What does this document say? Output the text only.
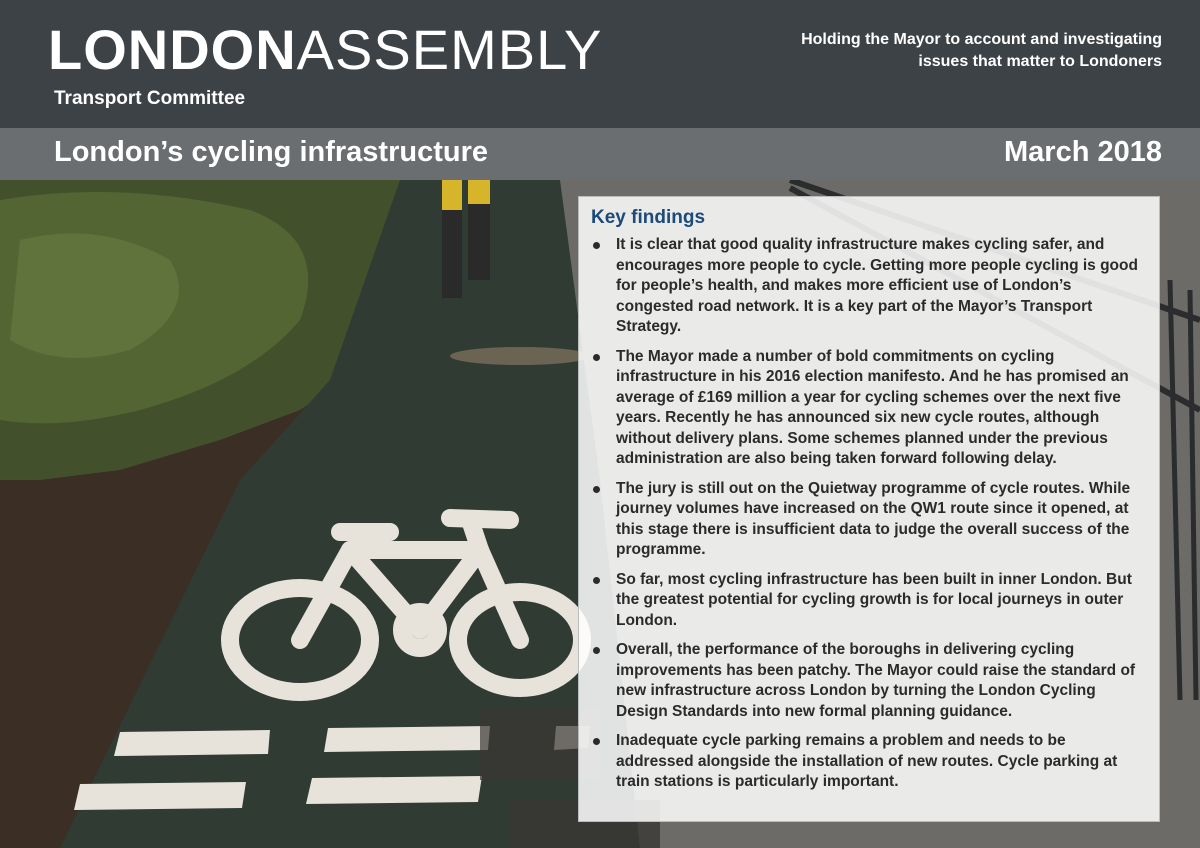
LONDONASSEMBLY
Transport Committee
Holding the Mayor to account and investigating
issues that matter to Londoners
London’s cycling infrastructure	March 2018
Key findings
It is clear that good quality infrastructure makes cycling safer, and encourages more people to cycle. Getting more people cycling is good for people’s health, and makes more efficient use of London’s congested road network. It is a key part of the Mayor’s Transport Strategy.
The Mayor made a number of bold commitments on cycling infrastructure in his 2016 election manifesto. And he has promised an average of £169 million a year for cycling schemes over the next five years. Recently he has announced six new cycle routes, although without delivery plans. Some schemes planned under the previous administration are also being taken forward following delay.
The jury is still out on the Quietway programme of cycle routes. While journey volumes have increased on the QW1 route since it opened, at this stage there is insufficient data to judge the overall success of the programme.
So far, most cycling infrastructure has been built in inner London. But the greatest potential for cycling growth is for local journeys in outer London.
Overall, the performance of the boroughs in delivering cycling improvements has been patchy. The Mayor could raise the standard of new infrastructure across London by turning the London Cycling Design Standards into new formal planning guidance.
Inadequate cycle parking remains a problem and needs to be addressed alongside the installation of new routes. Cycle parking at train stations is particularly important.
